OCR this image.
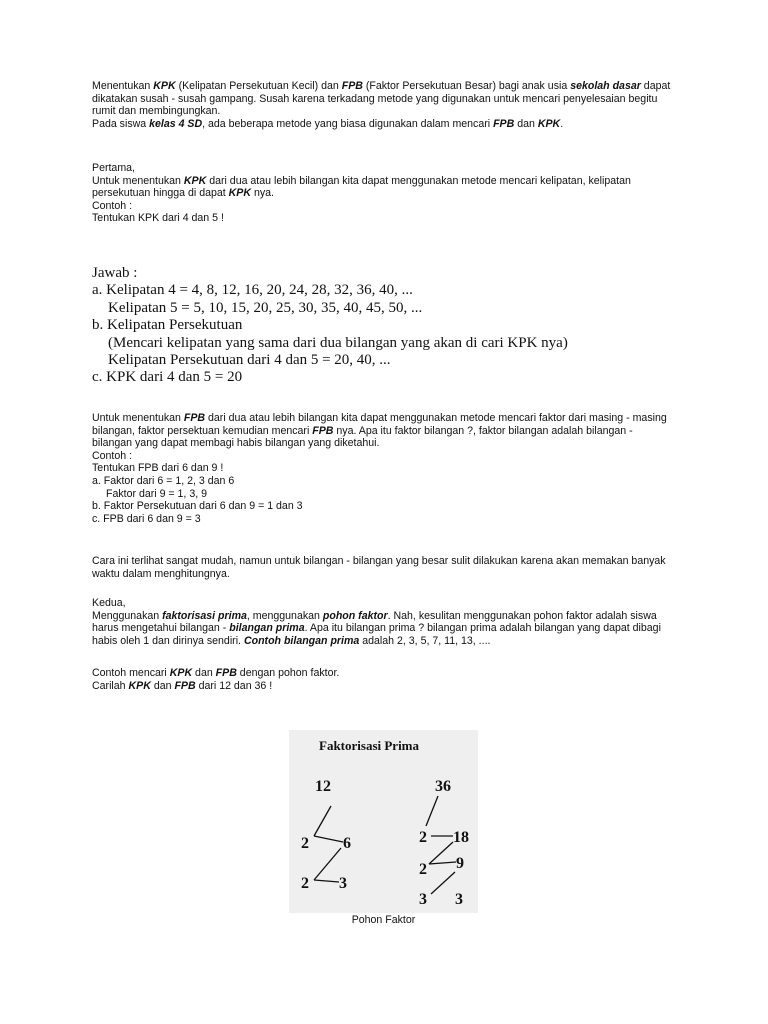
Menentukan KPK (Kelipatan Persekutuan Kecil) dan FPB (Faktor Persekutuan Besar) bagi anak usia sekolah dasar dapat
dikatakan susah - susah gampang. Susah karena terkadang metode yang digunakan untuk mencari penyelesaian begitu
rumit dan membingungkan.
Pada siswa kelas 4 SD, ada beberapa metode yang biasa digunakan dalam mencari FPB dan KPK.
Pertama,
Untuk menentukan KPK dari dua atau lebih bilangan kita dapat menggunakan metode mencari kelipatan, kelipatan
persekutuan hingga di dapat KPK nya.
Contoh :
Tentukan KPK dari 4 dan 5 !
Jawab :
a. Kelipatan 4 = 4, 8, 12, 16, 20, 24, 28, 32, 36, 40, ...
Kelipatan 5 = 5, 10, 15, 20, 25, 30, 35, 40, 45, 50, ...
b. Kelipatan Persekutuan
(Mencari kelipatan yang sama dari dua bilangan yang akan di cari KPK nya)
Kelipatan Persekutuan dari 4 dan 5 = 20, 40, ...
c. KPK dari 4 dan 5 = 20
Untuk menentukan FPB dari dua atau lebih bilangan kita dapat menggunakan metode mencari faktor dari masing - masing
bilangan, faktor persektuan kemudian mencari FPB nya. Apa itu faktor bilangan ?, faktor bilangan adalah bilangan -
bilangan yang dapat membagi habis bilangan yang diketahui.
Contoh :
Tentukan FPB dari 6 dan 9 !
a. Faktor dari 6 = 1, 2, 3 dan 6
Faktor dari 9 = 1, 3, 9
b. Faktor Persekutuan dari 6 dan 9 = 1 dan 3
c. FPB dari 6 dan 9 = 3
Cara ini terlihat sangat mudah, namun untuk bilangan - bilangan yang besar sulit dilakukan karena akan memakan banyak
waktu dalam menghitungnya.
Kedua,
Menggunakan faktorisasi prima, menggunakan pohon faktor. Nah, kesulitan menggunakan pohon faktor adalah siswa
harus mengetahui bilangan - bilangan prima. Apa itu bilangan prima ? bilangan prima adalah bilangan yang dapat dibagi
habis oleh 1 dan dirinya sendiri. Contoh bilangan prima adalah 2, 3, 5, 7, 11, 13, ....
Contoh mencari KPK dan FPB dengan pohon faktor.
Carilah KPK dan FPB dari 12 dan 36 !
Faktorisasi Prima
12
2 6
2 3
36
2 18
2 9
3 3
Pohon Faktor
